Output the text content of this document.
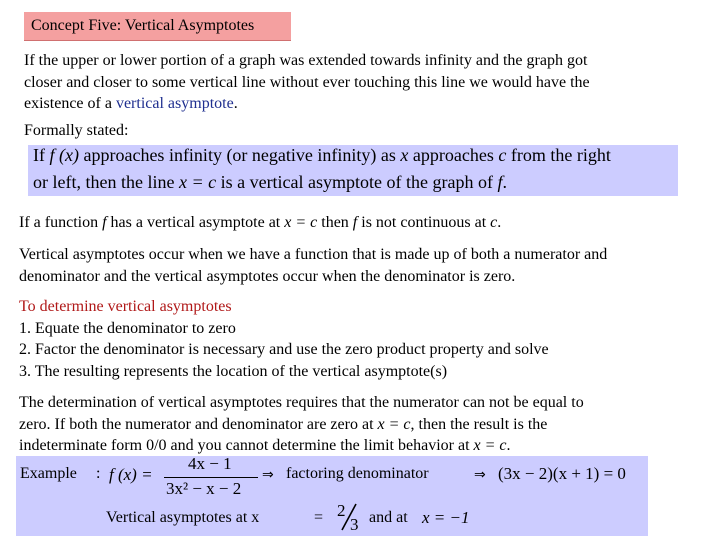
Concept Five: Vertical Asymptotes
If the upper or lower portion of a graph was extended towards infinity and the graph got
closer and closer to some vertical line without ever touching this line we would have the
existence of a vertical asymptote.
Formally stated:
If f (x) approaches infinity (or negative infinity) as x approaches c from the right
or left, then the line x = c is a vertical asymptote of the graph of f.
If a function f has a vertical asymptote at x = c then f is not continuous at c.
Vertical asymptotes occur when we have a function that is made up of both a numerator and
denominator and the vertical asymptotes occur when the denominator is zero.
To determine vertical asymptotes
1. Equate the denominator to zero
2. Factor the denominator is necessary and use the zero product property and solve
3. The resulting represents the location of the vertical asymptote(s)
The determination of vertical asymptotes requires that the numerator can not be equal to
zero. If both the numerator and denominator are zero at x = c, then the result is the
indeterminate form 0/0 and you cannot determine the limit behavior at x = c.
Example : f (x) =
4x − 1
3x² − x − 2
⇒ factoring denominator	⇒ (3x − 2)(x + 1) = 0
Vertical asymptotes at x	= 2
3 and at x = −1
